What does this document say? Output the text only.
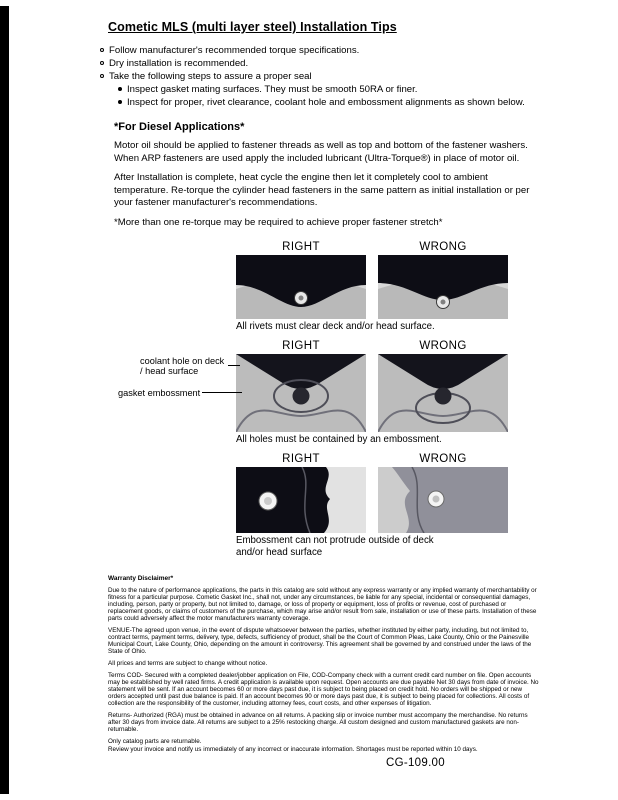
Cometic MLS (multi layer steel) Installation Tips
Follow manufacturer's recommended torque specifications.
Dry installation is recommended.
Take the following steps to assure a proper seal
Inspect gasket mating surfaces. They must be smooth 50RA or finer.
Inspect for proper, rivet clearance, coolant hole and embossment alignments as shown below.
*For Diesel Applications*

Motor oil should be applied to fastener threads as well as top and bottom of the fastener washers. When ARP fasteners are used apply the included lubricant (Ultra-Torque®) in place of motor oil.

After Installation is complete, heat cycle the engine then let it completely cool to ambient temperature. Re-torque the cylinder head fasteners in the same pattern as initial installation or per your fastener manufacturer's recommendations.

*More than one re-torque may be required to achieve proper fastener stretch*

RIGHT	WRONG
All rivets must clear deck and/or head surface.
coolant hole on deck / head surface
gasket embossment
RIGHT	WRONG
All holes must be contained by an embossment.
RIGHT	WRONG
Embossment can not protrude outside of deck and/or head surface
Warranty Disclaimer*

Due to the nature of performance applications, the parts in this catalog are sold without any express warranty or any implied warranty of merchantability or fitness for a particular purpose. Cometic Gasket Inc., shall not, under any circumstances, be liable for any special, incidental or consequential damages, including, person, party or property, but not limited to, damage, or loss of property or equipment, loss of profits or revenue, cost of purchased or replacement goods, or claims of customers of the purchase, which may arise and/or result from sale, installation or use of these parts. Installation of these parts could adversely affect the motor manufacturers warranty coverage.

VENUE-The agreed upon venue, in the event of dispute whatsoever between the parties, whether instituted by either party, including, but not limited to, contract terms, payment terms, delivery, type, defects, sufficiency of product, shall be the Court of Common Pleas, Lake County, Ohio or the Painesville Municipal Court, Lake County, Ohio, depending on the amount in controversy. This agreement shall be governed by and construed under the laws of the State of Ohio.

All prices and terms are subject to change without notice.

Terms COD- Secured with a completed dealer/jobber application on File, COD-Company check with a current credit card number on file. Open accounts may be established by well rated firms. A credit application is available upon request. Open accounts are due payable Net 30 days from date of invoice. No statement will be sent. If an account becomes 60 or more days past due, it is subject to being placed on credit hold. No orders will be shipped or new orders accepted until past due balance is paid. If an account becomes 90 or more days past due, it is subject to being placed for collections. All costs of collection are the responsibility of the customer, including attorney fees, court costs, and other expenses of litigation.

Returns- Authorized (RGA) must be obtained in advance on all returns. A packing slip or invoice number must accompany the merchandise. No returns after 30 days from invoice date. All returns are subject to a 25% restocking charge. All custom designed and custom manufactured gaskets are non-returnable.

Only catalog parts are returnable.

Review your invoice and notify us immediately of any incorrect or inaccurate information. Shortages must be reported within 10 days.

CG-109.00
